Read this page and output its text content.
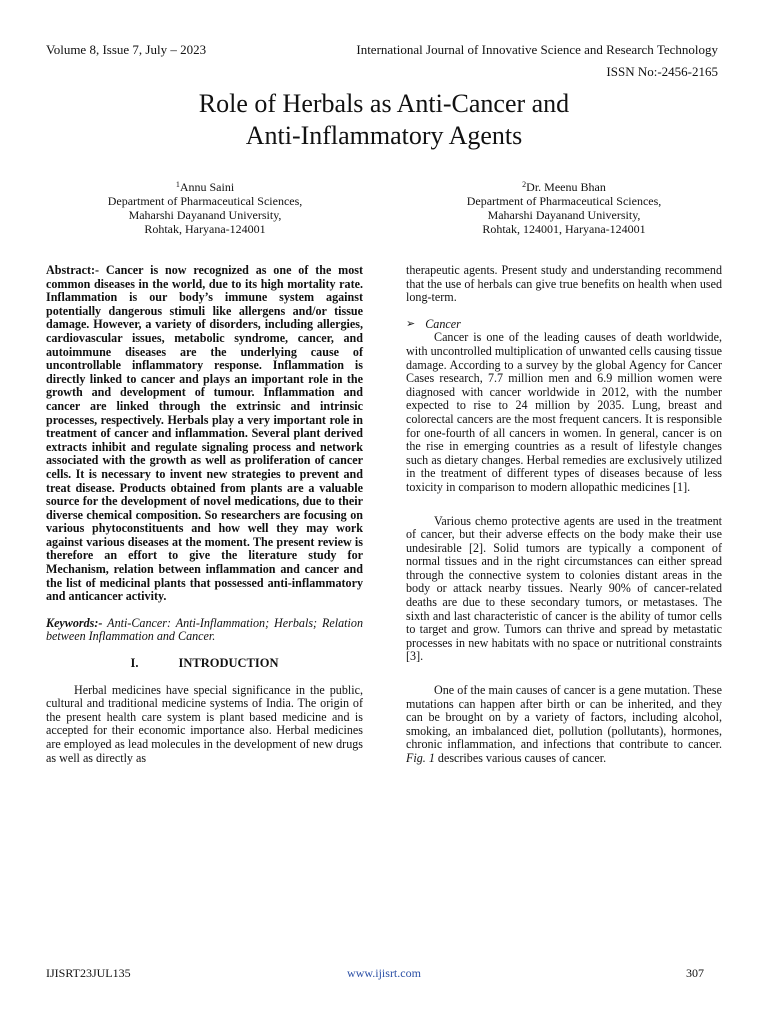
Volume 8, Issue 7, July – 2023	International Journal of Innovative Science and Research Technology
ISSN No:-2456-2165
Role of Herbals as Anti-Cancer and
Anti-Inflammatory Agents

$^1$Annu Saini

Department of Pharmaceutical Sciences,

Maharshi Dayanand University,

Rohtak, Haryana-124001

$^2$Dr. Meenu Bhan

Department of Pharmaceutical Sciences,

Maharshi Dayanand University,

Rohtak, 124001, Haryana-124001

Abstract:- Cancer is now recognized as one of the most common diseases in the world, due to its high mortality rate. Inflammation is our body’s immune system against potentially dangerous stimuli like allergens and/or tissue damage. However, a variety of disorders, including allergies, cardiovascular issues, metabolic syndrome, cancer, and autoimmune diseases are the underlying cause of uncontrollable inflammatory response. Inflammation is directly linked to cancer and plays an important role in the growth and development of tumour. Inflammation and cancer are linked through the extrinsic and intrinsic processes, respectively. Herbals play a very important role in treatment of cancer and inflammation. Several plant derived extracts inhibit and regulate signaling process and network associated with the growth as well as proliferation of cancer cells. It is necessary to invent new strategies to prevent and treat disease. Products obtained from plants are a valuable source for the development of novel medications, due to their diverse chemical composition. So researchers are focusing on various phytoconstituents and how well they may work against various diseases at the moment. The present review is therefore an effort to give the literature study for Mechanism, relation between inflammation and cancer and the list of medicinal plants that possessed anti-inflammatory and anticancer activity.

Keywords:- Anti-Cancer: Anti-Inflammation; Herbals; Relation between Inflammation and Cancer.

I.	INTRODUCTION

Herbal medicines have special significance in the public, cultural and traditional medicine systems of India. The origin of the present health care system is plant based medicine and is accepted for their economic importance also. Herbal medicines are employed as lead molecules in the development of new drugs as well as directly as

therapeutic agents. Present study and understanding recommend that the use of herbals can give true benefits on health when used long-term.

➢ Cancer

Cancer is one of the leading causes of death worldwide, with uncontrolled multiplication of unwanted cells causing tissue damage. According to a survey by the global Agency for Cancer Cases research, 7.7 million men and 6.9 million women were diagnosed with cancer worldwide in 2012, with the number expected to rise to 24 million by 2035. Lung, breast and colorectal cancers are the most frequent cancers. It is responsible for one-fourth of all cancers in women. In general, cancer is on the rise in emerging countries as a result of lifestyle changes such as dietary changes. Herbal remedies are exclusively utilized in the treatment of different types of diseases because of less toxicity in comparison to modern allopathic medicines [1].

Various chemo protective agents are used in the treatment of cancer, but their adverse effects on the body make their use undesirable [2]. Solid tumors are typically a component of normal tissues and in the right circumstances can either spread through the connective system to colonies distant areas in the body or attack nearby tissues. Nearly 90% of cancer-related deaths are due to these secondary tumors, or metastases. The sixth and last characteristic of cancer is the ability of tumor cells to target and grow. Tumors can thrive and spread by metastatic processes in new habitats with no space or nutritional constraints [3].

One of the main causes of cancer is a gene mutation. These mutations can happen after birth or can be inherited, and they can be brought on by a variety of factors, including alcohol, smoking, an imbalanced diet, pollution (pollutants), hormones, chronic inflammation, and infections that contribute to cancer. Fig. 1 describes various causes of cancer.

IJISRT23JUL135	www.ijisrt.com	307
